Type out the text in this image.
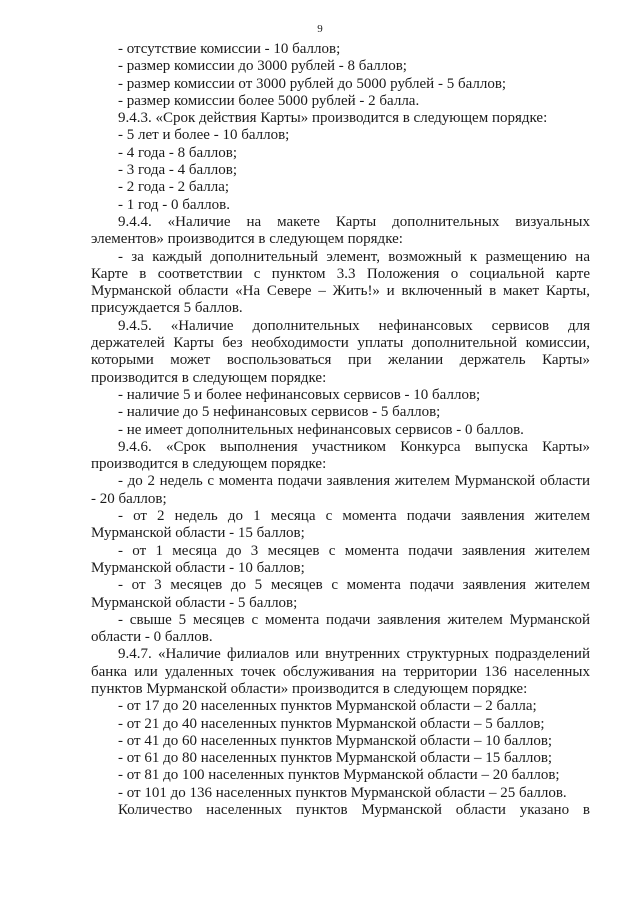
9
- отсутствие комиссии - 10 баллов;
- размер комиссии до 3000 рублей - 8 баллов;
- размер комиссии от 3000 рублей до 5000 рублей - 5 баллов;
- размер комиссии более 5000 рублей - 2 балла.
9.4.3. «Срок действия Карты» производится в следующем порядке:
- 5 лет и более - 10 баллов;
- 4 года - 8 баллов;
- 3 года - 4 баллов;
- 2 года - 2 балла;
- 1 год - 0 баллов.
9.4.4. «Наличие на макете Карты дополнительных визуальных
элементов» производится в следующем порядке:
- за каждый дополнительный элемент, возможный к размещению на
Карте в соответствии с пунктом 3.3 Положения о социальной карте
Мурманской области «На Севере – Жить!» и включенный в макет Карты,
присуждается 5 баллов.
9.4.5. «Наличие дополнительных нефинансовых сервисов для
держателей Карты без необходимости уплаты дополнительной комиссии,
которыми может воспользоваться при желании держатель Карты»
производится в следующем порядке:
- наличие 5 и более нефинансовых сервисов - 10 баллов;
- наличие до 5 нефинансовых сервисов - 5 баллов;
- не имеет дополнительных нефинансовых сервисов - 0 баллов.
9.4.6. «Срок выполнения участником Конкурса выпуска Карты»
производится в следующем порядке:
- до 2 недель с момента подачи заявления жителем Мурманской области
- 20 баллов;
- от 2 недель до 1 месяца с момента подачи заявления жителем
Мурманской области - 15 баллов;
- от 1 месяца до 3 месяцев с момента подачи заявления жителем
Мурманской области - 10 баллов;
- от 3 месяцев до 5 месяцев с момента подачи заявления жителем
Мурманской области - 5 баллов;
- свыше 5 месяцев с момента подачи заявления жителем Мурманской
области - 0 баллов.
9.4.7. «Наличие филиалов или внутренних структурных подразделений
банка или удаленных точек обслуживания на территории 136 населенных
пунктов Мурманской области» производится в следующем порядке:
- от 17 до 20 населенных пунктов Мурманской области – 2 балла;
- от 21 до 40 населенных пунктов Мурманской области – 5 баллов;
- от 41 до 60 населенных пунктов Мурманской области – 10 баллов;
- от 61 до 80 населенных пунктов Мурманской области – 15 баллов;
- от 81 до 100 населенных пунктов Мурманской области – 20 баллов;
- от 101 до 136 населенных пунктов Мурманской области – 25 баллов.
Количество населенных пунктов Мурманской области указано в
